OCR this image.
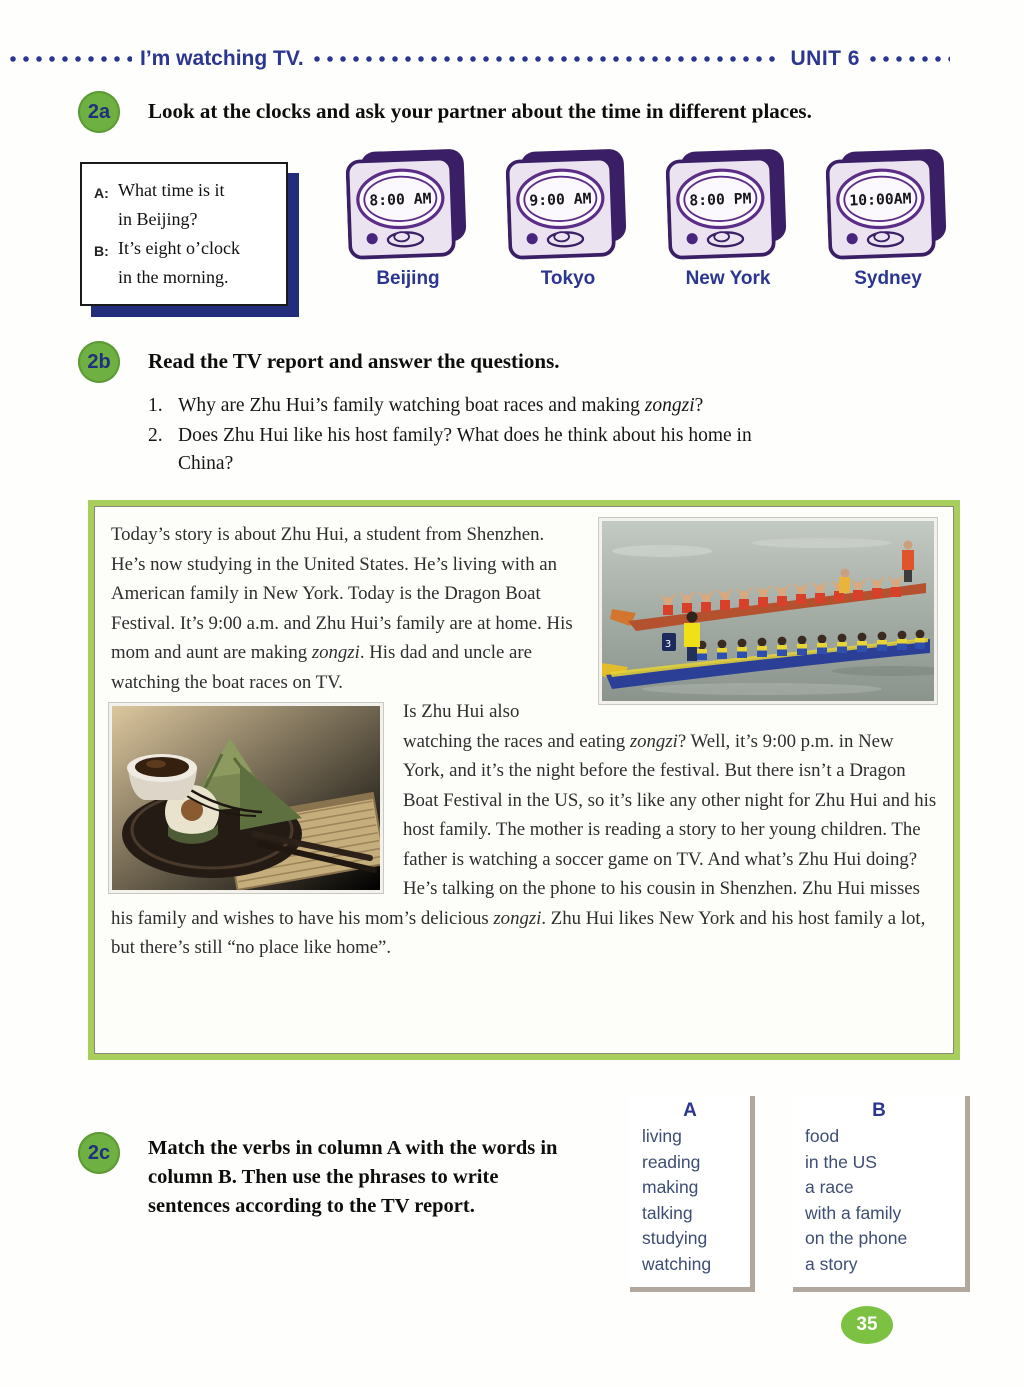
I’m watching TV.	UNIT 6
2a Look at the clocks and ask your partner about the time in different places.
A: What time is it
in Beijing?
B: It’s eight o’clock
in the morning.
8:00 AM
Beijing
9:00 AM
Tokyo
8:00 PM
New York
10:00AM
Sydney
2b Read the TV report and answer the questions.
1. Why are Zhu Hui’s family watching boat races and making zongzi?
2. Does Zhu Hui like his host family? What does he think about his home in China?
3

Today’s story is about Zhu Hui, a student from Shenzhen. He’s now studying in the United States. He’s living with an American family in New York. Today is the Dragon Boat Festival. It’s 9:00 a.m. and Zhu Hui’s family are at home. His mom and aunt are making zongzi. His dad and uncle are watching the boat races on TV.

Is Zhu Hui also watching the races and eating zongzi? Well, it’s 9:00 p.m. in New York, and it’s the night before the festival. But there isn’t a Dragon Boat Festival in the US, so it’s like any other night for Zhu Hui and his host family. The mother is reading a story to her young children. The father is watching a soccer game on TV. And what’s Zhu Hui doing? He’s talking on the phone to his cousin in Shenzhen. Zhu Hui misses his family and wishes to have his mom’s delicious zongzi. Zhu Hui likes New York and his host family a lot, but there’s still “no place like home”.

2c Match the verbs in column A with the words in column B. Then use the phrases to write sentences according to the TV report.
A
living
reading
making
talking
studying
watching
B
food
in the US
a race
with a family
on the phone
a story
35
